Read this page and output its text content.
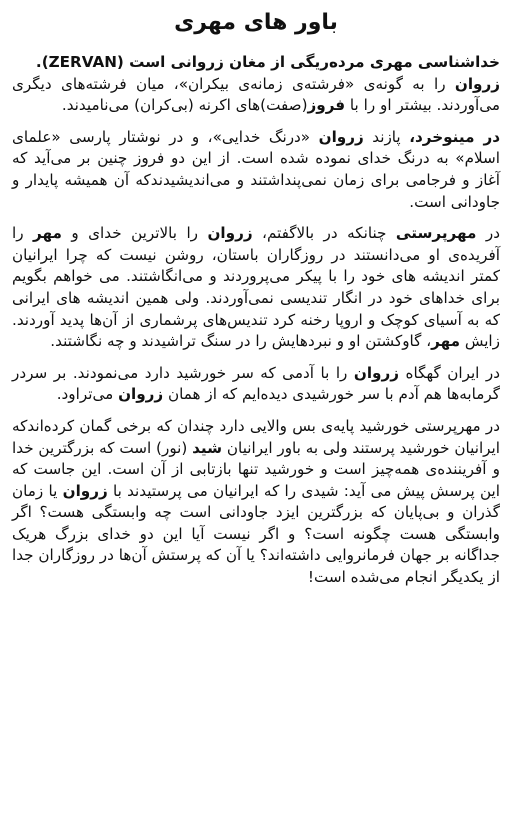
باور های مهری

خداشناسی مهری مرده‌ریگی از مغان زروانی است (ZERVAN).
زروان را به گونه‌ی «فرشته‌ی زمانه‌ی بیکران»، میان فرشته‌های دیگری می‌آوردند. بیشتر او را با فروز(صفت)های اکرنه (بی‌کران) می‌نامیدند.

در مینوخرد، پازند زروان «درنگ خدایی»، و در نوشتار پارسی «علمای اسلام» به درنگ خدای نموده شده است. از این دو فروز چنین بر می‌آید که آغاز و فرجامی برای زمان نمی‌پنداشتند و می‌اندیشیدندکه آن همیشه پایدار و جاودانی است.

در مهرپرستی چنانکه در بالاگفتم، زروان را بالاترین خدای و مهر را آفریده‌ی او می‌دانستند در روزگاران باستان، روشن نیست که چرا ایرانیان کمتر اندیشه های خود را با پیکر می‌پروردند و می‌انگاشتند. می خواهم بگویم برای خداهای خود در انگار تندیسی نمی‌آوردند. ولی همین اندیشه های ایرانی که به آسیای کوچک و اروپا رخنه کرد تندیس‌های پرشماری از آن‌ها پدید آوردند. زایش مهر، گاوکشتن او و نبردهایش را در سنگ تراشیدند و چه نگاشتند.

در ایران گهگاه زروان را با آدمی که سر خورشید دارد می‌نمودند. بر سردر گرمابه‌ها هم آدم با سر خورشیدی دیده‌ایم که از همان زروان می‌تراود.

در مهرپرستی خورشید پایه‌ی بس والایی دارد چندان که برخی گمان کرده‌اندکه ایرانیان خورشید پرستند ولی به باور ایرانیان شید (نور) است که بزرگترین خدا و آفریننده‌ی همه‌چیز است و خورشید تنها بازتابی از آن است. این جاست که این پرسش پیش می آید: شیدی را که ایرانیان می پرستیدند با زروان یا زمان گذران و بی‌پایان که بزرگترین ایزد جاودانی است چه وابستگی هست؟ اگر وابستگی هست چگونه است؟ و اگر نیست آیا این دو خدای بزرگ هریک جداگانه بر جهان فرمانروایی داشته‌اند؟ یا آن که پرستش آن‌ها در روزگاران جدا از یکدیگر انجام می‌شده است!
